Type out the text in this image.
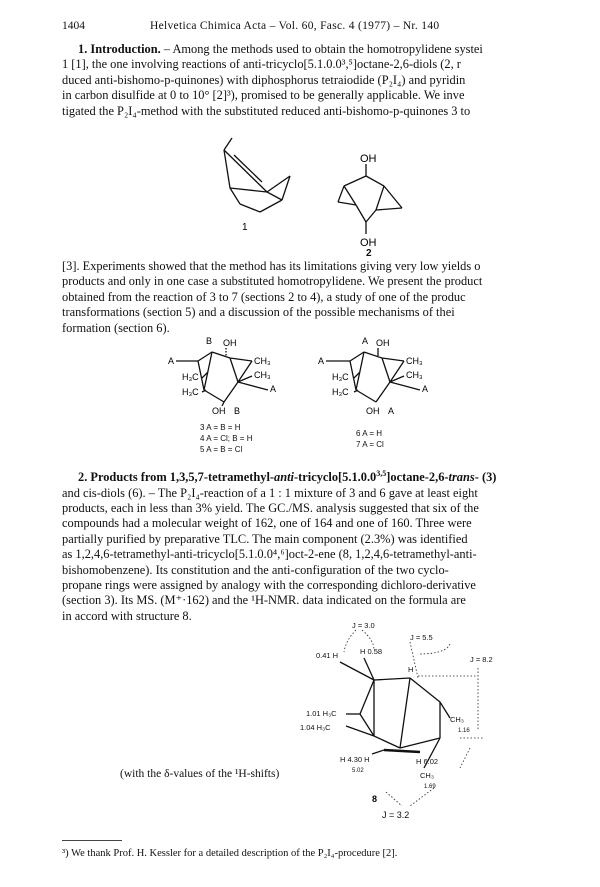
1404	Helvetica Chimica Acta – Vol. 60, Fasc. 4 (1977) – Nr. 140

1. Introduction. – Among the methods used to obtain the homotropylidene systei

1 [1], the one involving reactions of anti-tricyclo[5.1.0.0³,⁵]octane-2,6-diols (2, r

duced anti-bishomo-p-quinones) with diphosphorus tetraiodide (P₂I₄) and pyridin

in carbon disulfide at 0 to 10° [2]³), promised to be generally applicable. We inve

tigated the P₂I₄-method with the substituted reduced anti-bishomo-p-quinones 3 to

1
OH
OH
2

[3]. Experiments showed that the method has its limitations giving very low yields o

products and only in one case a substituted homotropylidene. We present the product

obtained from the reaction of 3 to 7 (sections 2 to 4), a study of one of the produc

transformations (section 5) and a discussion of the possible mechanisms of thei

formation (section 6).

B OH
A	CH₃
CH₃
H₃C
H₃C	A
OH B
3 A = B = H
4 A = Cl; B = H
5 A = B = Cl
A OH
A	CH₃
CH₃
H₃C
H₃C	A
OH A
6 A = H
7 A = Cl

2. Products from 1,3,5,7-tetramethyl-anti-tricyclo[5.1.0.0$^{3,5}$]octane-2,6-trans- (3)

and cis-diols (6). – The P₂I₄-reaction of a 1 : 1 mixture of 3 and 6 gave at least eight

products, each in less than 3% yield. The GC./MS. analysis suggested that six of the

compounds had a molecular weight of 162, one of 164 and one of 160. Three were

partially purified by preparative TLC. The main component (2.3%) was identified

as 1,2,4,6-tetramethyl-anti-tricyclo[5.1.0.0⁴,⁶]oct-2-ene (8, 1,2,4,6-tetramethyl-anti-

bishomobenzene). Its constitution and the anti-configuration of the two cyclo-

propane rings were assigned by analogy with the corresponding dichloro-derivative

(section 3). Its MS. (M⁺·162) and the ¹H-NMR. data indicated on the formula are

in accord with structure 8.

J = 3.0
J = 5.5
0.41 H	H 0.58
J = 8.2
H
1.01 H₃C
1.04 H₃C
CH₃
1.16
H 4.30 H
5.02
H 6.02
CH₃
1.69
J = 3.2
8
(with the δ-values of the ¹H-shifts)
³) We thank Prof. H. Kessler for a detailed description of the P₂I₄-procedure [2].
